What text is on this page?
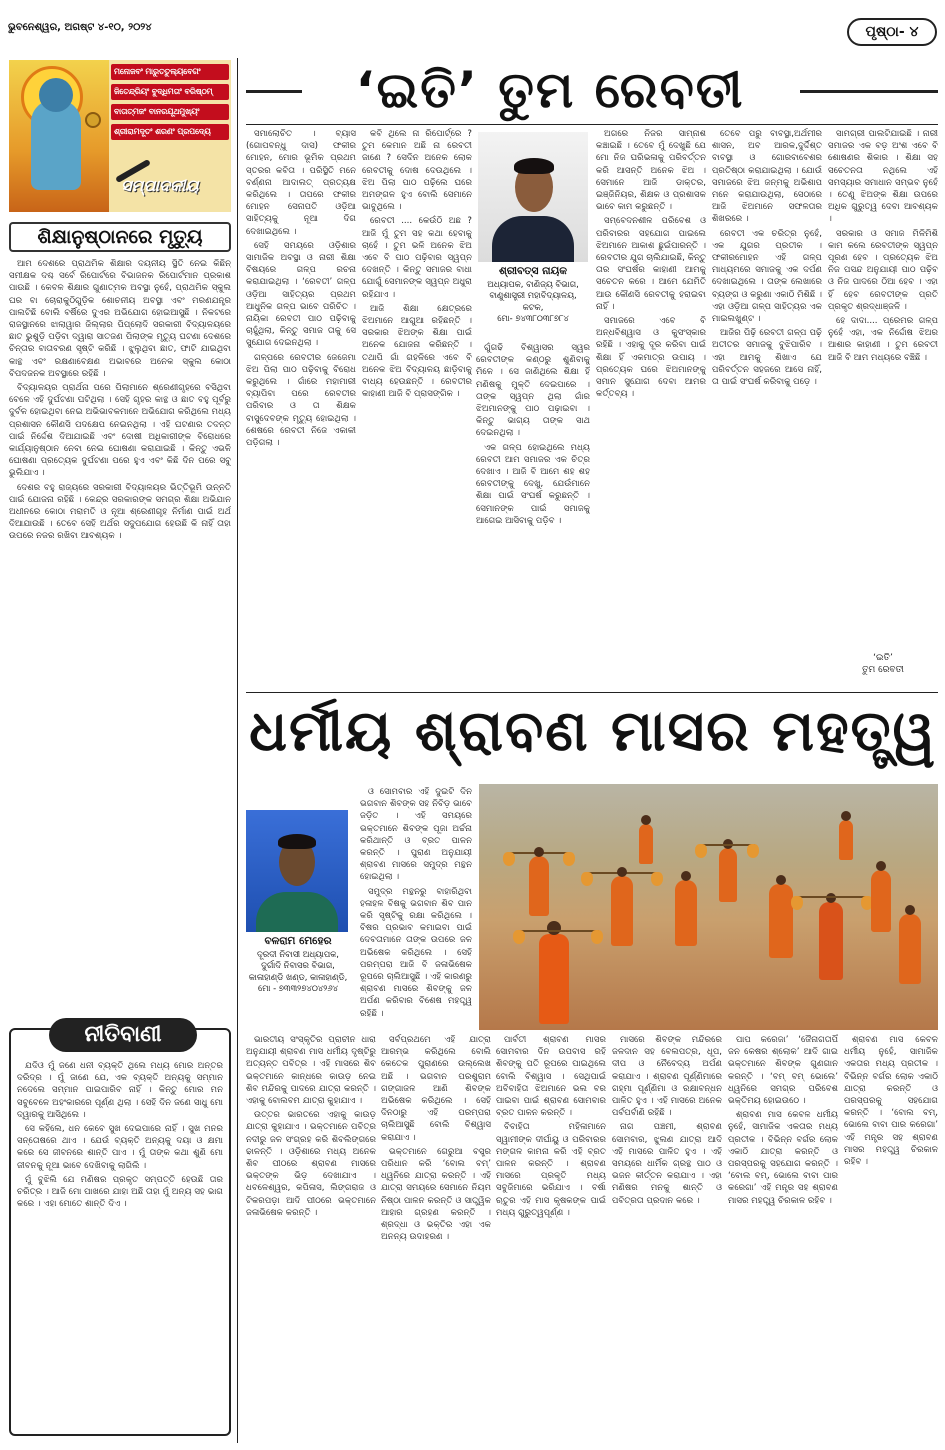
ଭୁବନେଶ୍ୱର, ଅଗଷ୍ଟ ୪-୧୦, ୨୦୨୪	ପୃଷ୍ଠା- ୪
ମନୋଜବଂ ମାରୁତତୁଲ୍ୟବେଗଂ
ଜିତେନ୍ଦ୍ରିୟଂ ବୁଦ୍ଧିମତାଂ ବରିଷ୍ଠମ୍
ବାତାତ୍ମଜଂ ବାନରଯୂଥମୁଖ୍ୟଂ
ଶ୍ରୀରାମଦୂତଂ ଶରଣଂ ପ୍ରପଦ୍ୟେ
ସମ୍ପାଦକୀୟ
ଶିକ୍ଷାନୁଷ୍ଠାନରେ ମୃତ୍ୟୁ

ଆମ ଦେଶରେ ପ୍ରାଥମିକ ଶିକ୍ଷାର ଦୟନୀୟ ସ୍ଥିତି ନେଇ କିଛିନ୍ ସମୀକ୍ଷକ ଦଶ୍ଚ ସର୍ବେ ରିପୋର୍ଟରେ ବିଭାଜନକ ରିପୋର୍ଟମାନ ପ୍ରକାଶ ପାଉଛି । କେବଳ ଶିକ୍ଷାର ଗୁଣାତ୍ମକ ଅବସ୍ଥା ନୁହେଁ, ପ୍ରାଥମିକ ସ୍କୁଲ ଘର ବା ଚୋରାକୁଠିଗୁଡ଼ିକ ଶୋଚନୀୟ ଅବସ୍ଥା ଏବଂ ମରଣଯନ୍ତ୍ର ପାଲଟିଛି ବୋଲି ବର୍ଷିରେ ଦୁଏର ଅଭିଯୋଗ ହୋଇଆସୁଛି । ନିକଟରେ ରାଜସ୍ଥାନରେ ଝାଲାୱାର ଜିଲ୍ଲାର ପିପ୍ଲୋଦି ସରକାରୀ ବିଦ୍ୟାଳୟରେ ଛାତ ଭୁଶୁଡ଼ି ପଡ଼ିବା ଦ୍ୱାରା ସାତଜଣ ପିଲାଙ୍କ ମୃତ୍ୟୁ ଘଟଣା ଦେଶରେ ଚିନ୍ତାର ବାତାବରଣ ସୃଷ୍ଟି କରିଛି । ଝୁଲୁଥିବା ଛାତ, ଫାଟି ଯାଇଥିବା କାନ୍ଥ ଏବଂ ରକ୍ଷଣାବେକ୍ଷଣ ଅଭାବରେ ଅନେକ ସ୍କୁଲ କୋଠା ବିପଦଜନକ ଅବସ୍ଥାରେ ରହିଛି ।

ବିଦ୍ୟାଳୟର ପ୍ରାର୍ଥନା ପରେ ପିଲାମାନେ ଶ୍ରେଣୀଗୃହରେ ବସିଥିବା ବେଳେ ଏହି ଦୁର୍ଘଟଣା ଘଟିଥିଲା । ସେହି ଗୃହର କାନ୍ଥ ଓ ଛାତ ବହୁ ପୂର୍ବରୁ ଦୁର୍ବଳ ହୋଇଥିବା ନେଇ ଅଭିଭାବକମାନେ ଅଭିଯୋଗ କରିଥିଲେ ମଧ୍ୟ ପ୍ରଶାସନ କୌଣସି ପଦକ୍ଷେପ ନେଇନଥିଲା । ଏହି ଘଟଣାର ତଦନ୍ତ ପାଇଁ ନିର୍ଦ୍ଦେଶ ଦିଆଯାଇଛି ଏବଂ ଦୋଷୀ ଅଧିକାରୀଙ୍କ ବିରୋଧରେ କାର୍ଯ୍ୟାନୁଷ୍ଠାନ ନେବା ନେଇ ଘୋଷଣା କରାଯାଇଛି । କିନ୍ତୁ ଏଭଳି ଘୋଷଣା ପ୍ରତ୍ୟେକ ଦୁର୍ଘଟଣା ପରେ ହୁଏ ଏବଂ କିଛି ଦିନ ପରେ ସବୁ ଭୁଲିଯାଏ ।

ଦେଶର ବହୁ ରାଜ୍ୟରେ ସରକାରୀ ବିଦ୍ୟାଳୟର ଭିତ୍ତିଭୂମି ଉନ୍ନତି ପାଇଁ ଯୋଜନା ରହିଛି । କେନ୍ଦ୍ର ସରକାରଙ୍କ ସମଗ୍ର ଶିକ୍ଷା ଅଭିଯାନ ଅଧୀନରେ କୋଠା ମରାମତି ଓ ନୂଆ ଶ୍ରେଣୀଗୃହ ନିର୍ମାଣ ପାଇଁ ଅର୍ଥ ଦିଆଯାଉଛି । ତେବେ ସେହି ଅର୍ଥର ସଦୁପଯୋଗ ହେଉଛି କି ନାହିଁ ତାହା ଉପରେ ନଜର ରଖିବା ଆବଶ୍ୟକ ।

ନୀତିବାଣୀ

ଯଦିଓ ମୁଁ ଜଣେ ଧନୀ ବ୍ୟକ୍ତି ଥିଲେ ମଧ୍ୟ ମୋର ଅନ୍ତର ଦରିଦ୍ର । ମୁଁ ଜାଣେ ଯେ, ଏକ ବ୍ୟକ୍ତି ଅନ୍ୟକୁ ସମ୍ମାନ ନଦେଲେ ସମ୍ମାନ ପାଇପାରିବ ନାହିଁ । କିନ୍ତୁ ମୋର ମନ ସବୁବେଳେ ଅହଂକାରରେ ପୂର୍ଣ୍ଣ ଥିଲା । ସେହି ଦିନ ଜଣେ ସାଧୁ ମୋ ଦ୍ୱାରକୁ ଆସିଥିଲେ ।

ସେ କହିଲେ, ଧନ କେବେ ସୁଖ ଦେଇପାରେ ନାହିଁ । ସୁଖ ମନର ସନ୍ତୋଷରେ ଥାଏ । ଯେଉଁ ବ୍ୟକ୍ତି ଅନ୍ୟକୁ ଦୟା ଓ କ୍ଷମା କରେ ସେ ଜୀବନରେ ଶାନ୍ତି ପାଏ । ମୁଁ ତାଙ୍କ କଥା ଶୁଣି ମୋ ଜୀବନକୁ ନୂଆ ଭାବେ ଦେଖିବାକୁ ଲାଗିଲି ।

ମୁଁ ବୁଝିଲି ଯେ ମଣିଷର ପ୍ରକୃତ ସମ୍ପତ୍ତି ହେଉଛି ତାର ଚରିତ୍ର । ଆଜି ମୋ ପାଖରେ ଯାହା ଅଛି ତାହା ମୁଁ ଅନ୍ୟ ସହ ଭାଗ କରେ । ଏହା ମୋତେ ଶାନ୍ତି ଦିଏ ।

‘ଇତି’ ତୁମ ରେବତୀ

ସମାଲୋଚିତ । ବ୍ୟାସ (ଗୋପବନ୍ଧୁ ଦାସ) ଫକୀର ମୋହନ, ମୋର ଭୂମିକ ପ୍ରଥମ ସ୍ତରର କବିତା । ପରିସ୍ଥିତି ମନେ ବର୍ଣ୍ଣନା ଆଦାଲତ୍ ପ୍ରତ୍ୟକ୍ଷ କରିଥିଲେ । ତାପରେ ଫକୀର ମୋହନ ସେନାପତି ଓଡ଼ିଆ ସାହିତ୍ୟକୁ ନୂଆ ଦିଗ ଦେଖାଇଥିଲେ ।

ସେହି ସମୟରେ ଓଡ଼ିଶାର ସାମାଜିକ ଅବସ୍ଥା ଓ ନାରୀ ଶିକ୍ଷା ବିଷୟରେ ଗଳ୍ପ ରଚନା କରାଯାଇଥିଲା । ‘ରେବତୀ’ ଗଳ୍ପ ଓଡ଼ିଆ ସାହିତ୍ୟର ପ୍ରଥମ ଆଧୁନିକ ଗଳ୍ପ ଭାବେ ପରିଚିତ । ନାୟିକା ରେବତୀ ପାଠ ପଢ଼ିବାକୁ ଚାହୁଁଥିଲା, କିନ୍ତୁ ସମାଜ ତାକୁ ସେ ସୁଯୋଗ ଦେଇନଥିଲା ।

ଗଳ୍ପରେ ରେବତୀର ଜେଜେମା ଝିଅ ପିଲା ପାଠ ପଢ଼ିବାକୁ ବିରୋଧ କରୁଥିଲେ । ଗାଁରେ ମହାମାରୀ ବ୍ୟାପିବା ପରେ ରେବତୀର ପରିବାର ଓ ତା ଶିକ୍ଷକ ବାସୁଦେବଙ୍କ ମୃତ୍ୟୁ ହୋଇଥିଲା । ଶେଷରେ ରେବତୀ ନିଜେ ଏକାକୀ ପଡ଼ିଗଲା ।

କବି ଥିଲେ ନା ରିପୋର୍ଟ୍‌ରେ ? ତୁମ କେମାନ ଅଛି ନା ରେବତୀ ଜାଣେ ? ସେଦିନ ଅନେକ ଲୋକ ରେବତୀକୁ ଦୋଷ ଦେଉଥିଲେ । ଝିଅ ପିଲା ପାଠ ପଢ଼ିଲେ ଘରେ ଅମଙ୍ଗଳ ହୁଏ ବୋଲି ସେମାନେ ଭାବୁଥିଲେ ।

ରେବତୀ .... କେଉଁଠି ଅଛ ? ଆଜି ମୁଁ ତୁମ ସହ କଥା ହେବାକୁ ଚାହେଁ । ତୁମ ଭଳି ଅନେକ ଝିଅ ଏବେ ବି ପାଠ ପଢ଼ିବାର ସ୍ୱପ୍ନ ଦେଖନ୍ତି । କିନ୍ତୁ ସମାଜର ବାଧା ଯୋଗୁଁ ସେମାନଙ୍କ ସ୍ୱପ୍ନ ଅଧୁରା ରହିଯାଏ ।

ଆଜି ଶିକ୍ଷା କ୍ଷେତ୍ରରେ ଝିଅମାନେ ଆଗୁଆ ରହିଛନ୍ତି । ସରକାର ଝିଅଙ୍କ ଶିକ୍ଷା ପାଇଁ ଅନେକ ଯୋଜନା କରିଛନ୍ତି । ତଥାପି ଗାଁ ଗହଳିରେ ଏବେ ବି ଅନେକ ଝିଅ ବିଦ୍ୟାଳୟ ଛାଡ଼ିବାକୁ ବାଧ୍ୟ ହେଉଛନ୍ତି । ରେବତୀର କାହାଣୀ ଆଜି ବି ପ୍ରାସଙ୍ଗିକ ।

ଶ୍ରୀବତ୍ସ ନାୟକ
ଅଧ୍ୟାପକ, ବାଣିଜ୍ୟ ବିଭାଗ,
ବାଣୁଶାସ୍ତ୍ରୀ ମହାବିଦ୍ୟାଳୟ,
କଟକ,
ମୋ- ୭୪୩୮୦୩୮୭୮୪

ଗୁଁଗଢି ବିଶ୍ୱାସର ସ୍ୱର ରେବତୀଙ୍କ କଣ୍ଠରୁ ଶୁଣିବାକୁ ମିଳେ । ସେ ଜାଣିଥିଲେ ଶିକ୍ଷା ହିଁ ମଣିଷକୁ ମୁକ୍ତି ଦେଇପାରେ । ତାଙ୍କ ସ୍ୱପ୍ନ ଥିଲା ଗାଁର ଝିଅମାନଙ୍କୁ ପାଠ ପଢ଼ାଇବା । କିନ୍ତୁ ଭାଗ୍ୟ ତାଙ୍କ ସାଥ ଦେଇନଥିଲା ।

ଏକ ଗଳ୍ପ ହୋଇଥିଲେ ମଧ୍ୟ ରେବତୀ ଆମ ସମାଜର ଏକ ଚିତ୍ର ଦେଖାଏ । ଆଜି ବି ଆମେ ଶହ ଶହ ରେବତୀଙ୍କୁ ଦେଖୁ, ଯେଉଁମାନେ ଶିକ୍ଷା ପାଇଁ ସଂଘର୍ଷ କରୁଛନ୍ତି । ସେମାନଙ୍କ ପାଇଁ ସମାଜକୁ ଆଗେଇ ଆସିବାକୁ ପଡ଼ିବ ।

ଅଗରେ ନିଜର ସାମ୍ନାଶ କଞ୍ଚାଇଛି । ତେବେ ମୁଁ ଦେଖୁଛି ଯେ ମୋ ନିଜ ଘରିଭଳାକୁ ପରିବର୍ତ୍ତନ କରି ଆସନ୍ତି ଅନେକ ଝିଅ । ସେମାନେ ଆଜି ଡାକ୍ତର, ଇଞ୍ଜିନିୟର, ଶିକ୍ଷକ ଓ ପ୍ରଶାସକ ଭାବେ କାମ କରୁଛନ୍ତି ।

ସମ୍ବେଦନଶୀଳ ପରିବେଶ ଓ ପରିବାରର ସହଯୋଗ ପାଇଲେ ଝିଅମାନେ ଆକାଶ ଛୁଇଁପାରନ୍ତି । ରେବତୀର ଯୁଗ ଚାଲିଯାଇଛି, କିନ୍ତୁ ତାର ସଂଘର୍ଷର କାହାଣୀ ଆମକୁ ସଚେତନ କରେ । ଆମେ ଯେମିତି ଆଉ କୌଣସି ରେବତୀକୁ ହରାଇବା ନାହିଁ ।

ସମାଜରେ ଏବେ ବି ଅନ୍ଧବିଶ୍ୱାସ ଓ କୁସଂସ୍କାର ରହିଛି । ଏହାକୁ ଦୂର କରିବା ପାଇଁ ଶିକ୍ଷା ହିଁ ଏକମାତ୍ର ଉପାୟ । ପ୍ରତ୍ୟେକ ଘରେ ଝିଅମାନଙ୍କୁ ସମାନ ସୁଯୋଗ ଦେବା ଆମର କର୍ତ୍ତବ୍ୟ ।

ତେବେ ପରୁ ବାବସ୍ଥା,ଅର୍ଥମୀର ଶାସନ, ଅବ ଆରକ,ଦୁର୍ଦ୍ଦିଶ୍ତ ବାବସ୍ଥା ଓ ଗୋରବାବେଶର ପ୍ରତିଷ୍ଠା କରାଯାଇଥିଲା । ଯୋଉଁ ସମାଜରେ ଝିଅ ଜନ୍ମକୁ ଅଭିଶାପ ମନେ କରାଯାଉଥିଲା, ସେଠାରେ ଆଜି ଝିଅମାନେ ସଫଳତାର ଶିଖରରେ ।

ରେବତୀ ଏକ ଚରିତ୍ର ନୁହେଁ, ଏକ ଯୁଗର ପ୍ରତୀକ । ଫକୀରମୋହନ ଏହି ଗଳ୍ପ ମାଧ୍ୟମରେ ସମାଜକୁ ଏକ ଦର୍ପଣ ଦେଖାଇଥିଲେ । ତାଙ୍କ ଲେଖାରେ ବ୍ୟଙ୍ଗ ଓ କରୁଣା ଏକାଠି ମିଶିଛି । ଏହା ଓଡ଼ିଆ ଗଳ୍ପ ସାହିତ୍ୟର ଏକ ମାଇଲଖୁଣ୍ଟ ।

ଆଜିର ପିଢ଼ି ରେବତୀ ଗଳ୍ପ ପଢ଼ି ଅତୀତର ସମାଜକୁ ବୁଝିପାରିବ । ଏହା ଆମକୁ ଶିଖାଏ ଯେ ପରିବର୍ତ୍ତନ ସହଜରେ ଆସେ ନାହିଁ, ତା ପାଇଁ ସଂଘର୍ଷ କରିବାକୁ ପଡ଼େ ।

ସାମଗ୍ରୀ ପାଲଟିଯାଇଛି । ନାରୀ ସମାଜର ଏକ ବଡ଼ ଅଂଶ ଏବେ ବି ଶୋଷଣର ଶିକାର । ଶିକ୍ଷା ସହ ସଚେତନତା ନଥିଲେ ଏହି ସମସ୍ୟାର ସମାଧାନ ସମ୍ଭବ ନୁହେଁ । ତେଣୁ ଝିଅଙ୍କ ଶିକ୍ଷା ଉପରେ ଅଧିକ ଗୁରୁତ୍ୱ ଦେବା ଆବଶ୍ୟକ ।

ସରକାର ଓ ସମାଜ ମିଳିମିଶି କାମ କଲେ ରେବତୀଙ୍କ ସ୍ୱପ୍ନ ପୂରଣ ହେବ । ପ୍ରତ୍ୟେକ ଝିଅ ନିଜ ପସନ୍ଦ ଅନୁଯାୟୀ ପାଠ ପଢ଼ିବ ଓ ନିଜ ପାଦରେ ଠିଆ ହେବ । ଏହା ହିଁ ହେବ ରେବତୀଙ୍କ ପ୍ରତି ପ୍ରକୃତ ଶ୍ରଦ୍ଧାଞ୍ଜଳି ।

ହେ ଦାଦା.... ପ୍ରେମର ଗଳ୍ପ ନୁହେଁ ଏହା, ଏକ ନିର୍ଦ୍ଦୋଷ ଝିଅର ଆଶାର କାହାଣୀ । ତୁମ ରେବତୀ ଆଜି ବି ଆମ ମଧ୍ୟରେ ବଞ୍ଚିଛି ।

‘ଇତି’
ତୁମ ରେବତୀ
ଧର୍ମୀୟ ଶ୍ରାବଣ ମାସର ମହତ୍ତ୍ୱ
ବଳରାମ ମେହେର
ଦୂରଦୀ ନିବାସୀ ଅଧ୍ୟାପକ,
ଦୁର୍ଗାଦି ନିବାସର ବିଭାଗ,
କାଳାହାଣ୍ଡି ଖଣ୍ଡ, କାଳାହାଣ୍ଡି,
ମୋ - ୭୩୩୨୭୪୦୪୨୬୪

ଓ ସୋମବାର ଏହି ଦୁଇଟି ଦିନ ଭଗବାନ ଶିବଙ୍କ ସହ ନିବିଡ଼ ଭାବେ ଜଡ଼ିତ । ଏହି ସମୟରେ ଭକ୍ତମାନେ ଶିବଙ୍କ ପୂଜା ଅର୍ଚ୍ଚନା କରିଥାନ୍ତି ଓ ବ୍ରତ ପାଳନ କରନ୍ତି । ପୁରାଣ ଅନୁଯାୟୀ ଶ୍ରାବଣ ମାସରେ ସମୁଦ୍ର ମନ୍ଥନ ହୋଇଥିଲା ।

ସମୁଦ୍ର ମନ୍ଥନରୁ ବାହାରିଥିବା ହଳାହଳ ବିଷକୁ ଭଗବାନ ଶିବ ପାନ କରି ସୃଷ୍ଟିକୁ ରକ୍ଷା କରିଥିଲେ । ବିଷର ପ୍ରଭାବ କମାଇବା ପାଇଁ ଦେବତାମାନେ ତାଙ୍କ ଉପରେ ଜଳ ଅଭିଷେକ କରିଥିଲେ । ସେହି ପରମ୍ପରା ଆଜି ବି ଜଳାଭିଷେକ ରୂପରେ ଚାଲିଆସୁଛି । ଏହି କାରଣରୁ ଶ୍ରାବଣ ମାସରେ ଶିବଙ୍କୁ ଜଳ ଅର୍ପଣ କରିବାର ବିଶେଷ ମହତ୍ତ୍ୱ ରହିଛି ।

ଭାରତୀୟ ସଂସ୍କୃତିର ପ୍ରାଚୀନ ଧାରା ଅନୁଯାୟୀ ଶ୍ରାବଣ ମାସ ଧର୍ମୀୟ ଦୃଷ୍ଟିରୁ ଅତ୍ୟନ୍ତ ପବିତ୍ର । ଏହି ମାସରେ ଶିବ ଭକ୍ତମାନେ କାନ୍ଧରେ କାଉଡ଼ ନେଇ ଶିବ ମନ୍ଦିରକୁ ପାଦରେ ଯାତ୍ରା କରନ୍ତି । ଏହାକୁ ବୋଲବମ ଯାତ୍ରା କୁହାଯାଏ ।

ଉତ୍ତର ଭାରତରେ ଏହାକୁ କାଉଡ଼ ଯାତ୍ରା କୁହାଯାଏ । ଭକ୍ତମାନେ ପବିତ୍ର ନଦୀରୁ ଜଳ ସଂଗ୍ରହ କରି ଶିବଲିଙ୍ଗରେ ଢାଳନ୍ତି । ଓଡ଼ିଶାରେ ମଧ୍ୟ ଅନେକ ଶିବ ପୀଠରେ ଶ୍ରାବଣ ମାସରେ ଭକ୍ତଙ୍କ ଭିଡ଼ ଦେଖାଯାଏ । ଧବଳେଶ୍ୱର, କପିଳାସ, ଲିଙ୍ଗରାଜ ଓ ଟିକରପଡ଼ା ଆଦି ପୀଠରେ ଭକ୍ତମାନେ ଜଳାଭିଷେକ କରନ୍ତି ।

ସର୍ବପ୍ରଥମେ ଏହି ଯାତ୍ରା ଆରମ୍ଭ କରିଥିଲେ ବୋଲି କେତେକ ପୁରାଣରେ ଉଲ୍ଲେଖ ଅଛି । ଭଗବାନ ପରଶୁରାମ ଗଙ୍ଗାଜଳ ଆଣି ଶିବଙ୍କ ଅଭିଷେକ କରିଥିଲେ । ସେହି ଦିନଠାରୁ ଏହି ପରମ୍ପରା ଚାଲିଆସୁଛି ବୋଲି ବିଶ୍ୱାସ କରାଯାଏ ।

ଭକ୍ତମାନେ ଗେରୁଆ ବସ୍ତ୍ର ପରିଧାନ କରି ‘ବୋଲ ବମ୍’ ଧ୍ୱନିରେ ଯାତ୍ରା କରନ୍ତି । ଏହି ଯାତ୍ରା ସମୟରେ ସେମାନେ ନିୟମ ନିଷ୍ଠା ପାଳନ କରନ୍ତି ଓ ସାତ୍ତ୍ୱିକ ଆହାର ଗ୍ରହଣ କରନ୍ତି । ଶ୍ରଦ୍ଧା ଓ ଭକ୍ତିର ଏହା ଏକ ଅନନ୍ୟ ଉଦାହରଣ ।

ପାର୍ବତୀ ଶ୍ରାବଣ ମାସର ସୋମବାର ଦିନ ଉପବାସ ରହି ଶିବଙ୍କୁ ପତି ରୂପରେ ପାଇଥିଲେ ବୋଲି ବିଶ୍ୱାସ । ସେଥିପାଇଁ ଅବିବାହିତା ଝିଅମାନେ ଭଲ ବର ପାଇବା ପାଇଁ ଶ୍ରାବଣ ସୋମବାର ବ୍ରତ ପାଳନ କରନ୍ତି ।

ବିବାହିତା ମହିଳାମାନେ ସ୍ୱାମୀଙ୍କ ଦୀର୍ଘାୟୁ ଓ ପରିବାରର ମଙ୍ଗଳ କାମନା କରି ଏହି ବ୍ରତ ପାଳନ କରନ୍ତି । ଶ୍ରାବଣ ମାସରେ ପ୍ରକୃତି ମଧ୍ୟ ସବୁଜିମାରେ ଭରିଯାଏ । ବର୍ଷା ଋତୁର ଏହି ମାସ କୃଷକଙ୍କ ପାଇଁ ମଧ୍ୟ ଗୁରୁତ୍ୱପୂର୍ଣ୍ଣ ।

ମାସରେ ଶିବଙ୍କ ମନ୍ଦିରରେ ଜଳଦାନ ସହ ବେଲପତ୍ର, ଧୂପ, ଦୀପ ଓ ନୈବେଦ୍ୟ ଅର୍ପଣ କରାଯାଏ । ଶ୍ରାବଣ ପୂର୍ଣ୍ଣିମାରେ ଗହ୍ମା ପୂର୍ଣ୍ଣିମା ଓ ରକ୍ଷାବନ୍ଧନ ପାଳିତ ହୁଏ । ଏହି ମାସରେ ଅନେକ ପର୍ବପର୍ବାଣି ରହିଛି ।

ନାଗ ପଞ୍ଚମୀ, ଶ୍ରାବଣ ସୋମବାର, ଝୁଲଣ ଯାତ୍ରା ଆଦି ଏହି ମାସରେ ପାଳିତ ହୁଏ । ଏହି ସମୟରେ ଧାର୍ମିକ ଗ୍ରନ୍ଥ ପାଠ ଓ ଭଜନ କୀର୍ତ୍ତନ କରାଯାଏ । ଏହା ମଣିଷର ମନକୁ ଶାନ୍ତି ଓ ପବିତ୍ରତା ପ୍ରଦାନ କରେ ।

ପାପ କରେଜା’ ‘ଜୈନାଗତାପିଁ ଜନ କେଷର ଶ୍ଲୋକ’ ଆଦି ଗାଇ ଭକ୍ତମାନେ ଶିବଙ୍କ ଗୁଣଗାନ କରନ୍ତି । ‘ବମ୍ ବମ୍ ଭୋଲେ’ ଧ୍ୱନିରେ ସମଗ୍ର ପରିବେଶ ଭକ୍ତିମୟ ହୋଇଉଠେ ।

ଶ୍ରାବଣ ମାସ କେବଳ ଧର୍ମୀୟ ନୁହେଁ, ସାମାଜିକ ଏକତାର ମଧ୍ୟ ପ୍ରତୀକ । ବିଭିନ୍ନ ବର୍ଗର ଲୋକ ଏକାଠି ଯାତ୍ରା କରନ୍ତି ଓ ପରସ୍ପରକୁ ସହଯୋଗ କରନ୍ତି । ‘ବୋଲ ବମ୍, ଭୋଲେ ବାବା ପାର କରେଗା’ ଏହି ମନ୍ତ୍ର ସହ ଶ୍ରାବଣ ମାସର ମହତ୍ତ୍ୱ ଚିରକାଳ ରହିବ ।

ଶ୍ରାବଣ ମାସ କେବଳ ଧର୍ମୀୟ ନୁହେଁ, ସାମାଜିକ ଏକତାର ମଧ୍ୟ ପ୍ରତୀକ । ବିଭିନ୍ନ ବର୍ଗର ଲୋକ ଏକାଠି ଯାତ୍ରା କରନ୍ତି ଓ ପରସ୍ପରକୁ ସହଯୋଗ କରନ୍ତି । ‘ବୋଲ ବମ୍, ଭୋଲେ ବାବା ପାର କରେଗା’ ଏହି ମନ୍ତ୍ର ସହ ଶ୍ରାବଣ ମାସର ମହତ୍ତ୍ୱ ଚିରକାଳ ରହିବ ।
